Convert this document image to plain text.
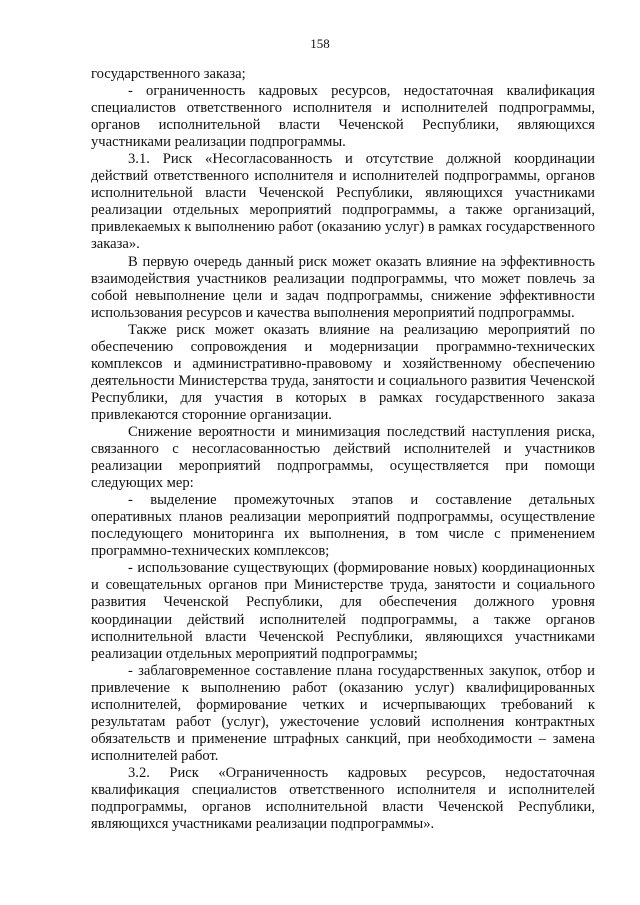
158

государственного заказа;

- ограниченность кадровых ресурсов, недостаточная квалификация специалистов ответственного исполнителя и исполнителей подпрограммы, органов исполнительной власти Чеченской Республики, являющихся участниками реализации подпрограммы.

3.1. Риск «Несогласованность и отсутствие должной координации действий ответственного исполнителя и исполнителей подпрограммы, органов исполнительной власти Чеченской Республики, являющихся участниками реализации отдельных мероприятий подпрограммы, а также организаций, привлекаемых к выполнению работ (оказанию услуг) в рамках государственного заказа».

В первую очередь данный риск может оказать влияние на эффективность взаимодействия участников реализации подпрограммы, что может повлечь за собой невыполнение цели и задач подпрограммы, снижение эффективности использования ресурсов и качества выполнения мероприятий подпрограммы.

Также риск может оказать влияние на реализацию мероприятий по обеспечению сопровождения и модернизации программно-технических комплексов и административно-правовому и хозяйственному обеспечению деятельности Министерства труда, занятости и социального развития Чеченской Республики, для участия в которых в рамках государственного заказа привлекаются сторонние организации.

Снижение вероятности и минимизация последствий наступления риска, связанного с несогласованностью действий исполнителей и участников реализации мероприятий подпрограммы, осуществляется при помощи следующих мер:

- выделение промежуточных этапов и составление детальных оперативных планов реализации мероприятий подпрограммы, осуществление последующего мониторинга их выполнения, в том числе с применением программно-технических комплексов;

- использование существующих (формирование новых) координационных и совещательных органов при Министерстве труда, занятости и социального развития Чеченской Республики, для обеспечения должного уровня координации действий исполнителей подпрограммы, а также органов исполнительной власти Чеченской Республики, являющихся участниками реализации отдельных мероприятий подпрограммы;

- заблаговременное составление плана государственных закупок, отбор и привлечение к выполнению работ (оказанию услуг) квалифицированных исполнителей, формирование четких и исчерпывающих требований к результатам работ (услуг), ужесточение условий исполнения контрактных обязательств и применение штрафных санкций, при необходимости – замена исполнителей работ.

3.2. Риск «Ограниченность кадровых ресурсов, недостаточная квалификация специалистов ответственного исполнителя и исполнителей подпрограммы, органов исполнительной власти Чеченской Республики, являющихся участниками реализации подпрограммы».
